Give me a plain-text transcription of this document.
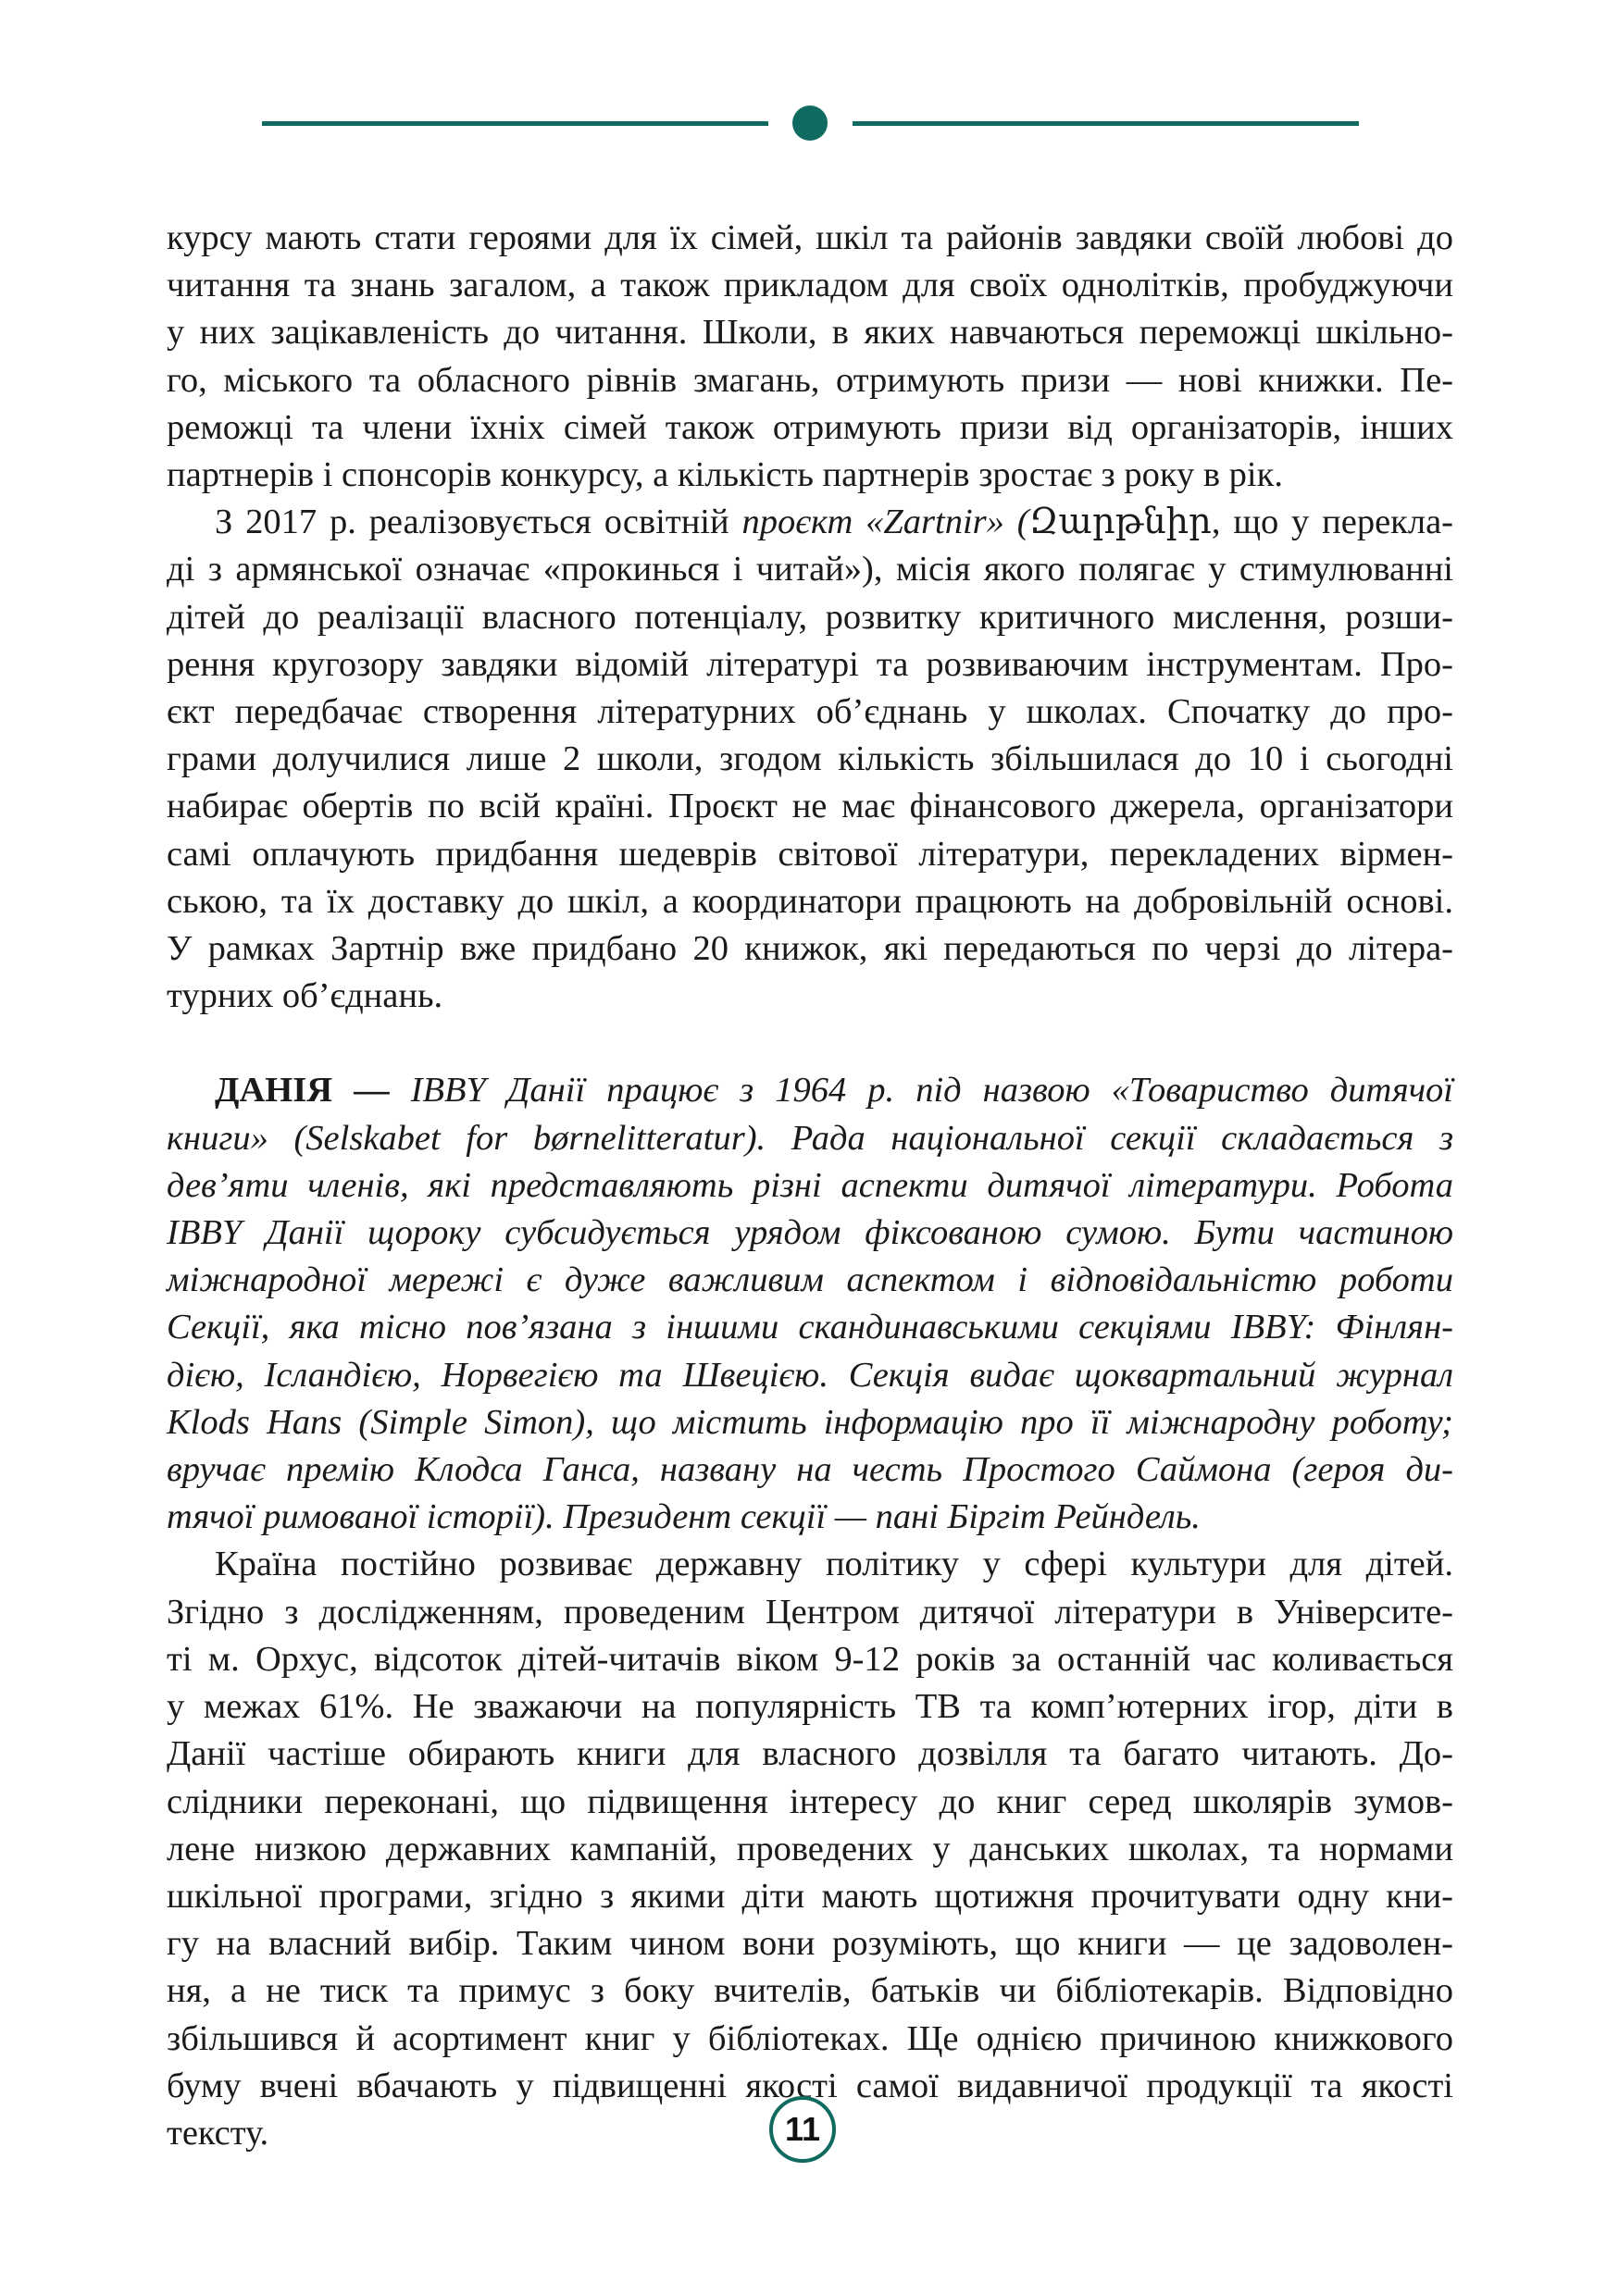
курсу мають стати героями для їх сімей, шкіл та районів завдяки своїй любові до
читання та знань загалом, а також прикладом для своїх однолітків, пробуджуючи
у них зацікавленість до читання. Школи, в яких навчаються переможці шкільно-
го, міського та обласного рівнів змагань, отримують призи — нові книжки. Пе-
реможці та члени їхніх сімей також отримують призи від організаторів, інших
партнерів і спонсорів конкурсу, а кількість партнерів зростає з року в рік.

З 2017 р. реалізовується освітній проєкт «Zartnir» (Զարթնիր, що у перекла-
ді з армянської означає «прокинься і читай»), місія якого полягає у стимулюванні
дітей до реалізації власного потенціалу, розвитку критичного мислення, розши-
рення кругозору завдяки відомій літературі та розвиваючим інструментам. Про-
єкт передбачає створення літературних об’єднань у школах. Спочатку до про-
грами долучилися лише 2 школи, згодом кількість збільшилася до 10 і сьогодні
набирає обертів по всій країні. Проєкт не має фінансового джерела, організатори
самі оплачують придбання шедеврів світової літератури, перекладених вірмен-
ською, та їх доставку до шкіл, а координатори працюють на добровільній основі.
У рамках Зартнір вже придбано 20 книжок, які передаються по черзі до літера-
турних об’єднань.

ДАНІЯ — IBBY Данії працює з 1964 р. під назвою «Товариство дитячої
книги» (Selskabet for børnelitteratur). Рада національної секції складається з
дев’яти членів, які представляють різні аспекти дитячої літератури. Робота
IBBY Данії щороку субсидується урядом фіксованою сумою. Бути частиною
міжнародної мережі є дуже важливим аспектом і відповідальністю роботи
Секції, яка тісно пов’язана з іншими скандинавськими секціями IBBY: Фінлян-
дією, Ісландією, Норвегією та Швецією. Секція видає щоквартальний журнал
Klods Hans (Simple Simon), що містить інформацію про її міжнародну роботу;
вручає премію Клодса Ганса, названу на честь Простого Саймона (героя ди-
тячої римованої історії). Президент секції — пані Біргіт Рейндель.

Країна постійно розвиває державну політику у сфері культури для дітей.
Згідно з дослідженням, проведеним Центром дитячої літератури в Університе-
ті м. Орхус, відсоток дітей-читачів віком 9-12 років за останній час коливається
у межах 61%. Не зважаючи на популярність ТВ та комп’ютерних ігор, діти в
Данії частіше обирають книги для власного дозвілля та багато читають. До-
слідники переконані, що підвищення інтересу до книг серед школярів зумов-
лене низкою державних кампаній, проведених у данських школах, та нормами
шкільної програми, згідно з якими діти мають щотижня прочитувати одну кни-
гу на власний вибір. Таким чином вони розуміють, що книги — це задоволен-
ня, а не тиск та примус з боку вчителів, батьків чи бібліотекарів. Відповідно
збільшився й асортимент книг у бібліотеках. Ще однією причиною книжкового
буму вчені вбачають у підвищенні якості самої видавничої продукції та якості
тексту.	11
